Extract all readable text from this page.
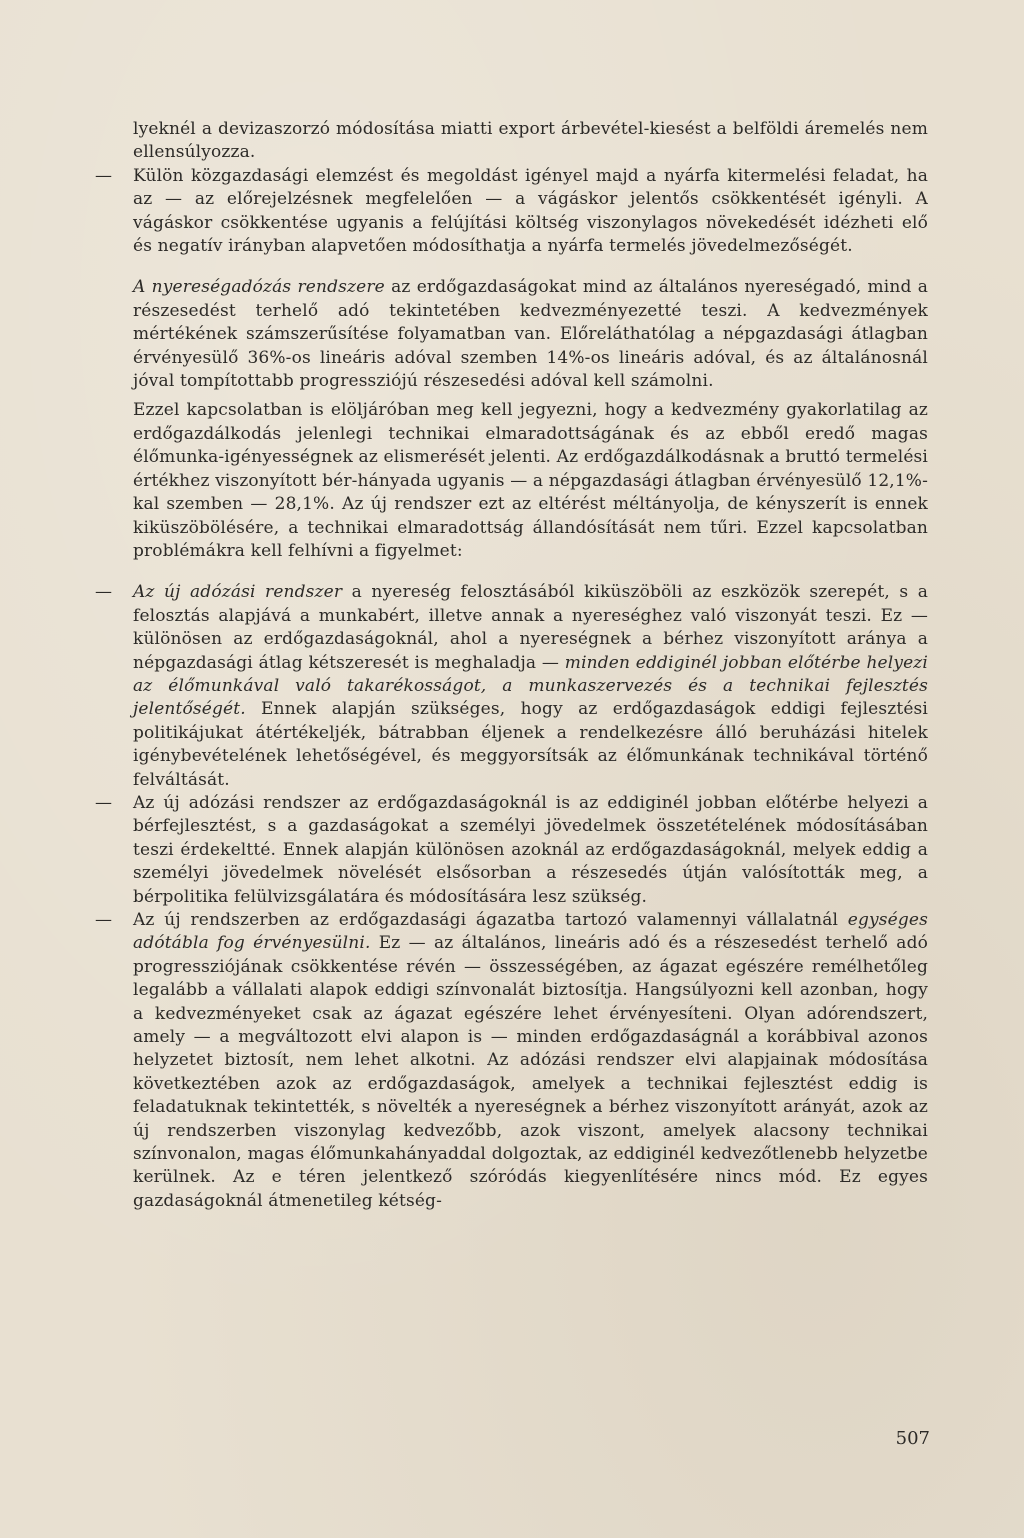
lyeknél a devizaszorzó módosítása miatti export árbevétel-kiesést a belföldi áremelés nem ellensúlyozza.

— Külön közgazdasági elemzést és megoldást igényel majd a nyárfa kitermelési feladat, ha az — az előrejelzésnek megfelelően — a vágáskor jelentős csökkentését igényli. A vágáskor csökkentése ugyanis a felújítási költség viszonylagos növekedését idézheti elő és negatív irányban alapvetően módosíthatja a nyárfa termelés jövedelmezőségét.

A nyereségadózás rendszere az erdőgazdaságokat mind az általános nyereségadó, mind a részesedést terhelő adó tekintetében kedvezményezetté teszi. A kedvezmények mértékének számszerűsítése folyamatban van. Előreláthatólag a népgazdasági átlagban érvényesülő 36%-os lineáris adóval szemben 14%-os lineáris adóval, és az általánosnál jóval tompítottabb progressziójú részesedési adóval kell számolni.

Ezzel kapcsolatban is elöljáróban meg kell jegyezni, hogy a kedvezmény gyakorlatilag az erdőgazdálkodás jelenlegi technikai elmaradottságának és az ebből eredő magas élőmunka-igényességnek az elismerését jelenti. Az erdőgazdálkodásnak a bruttó termelési értékhez viszonyított bér-hányada ugyanis — a népgazdasági átlagban érvényesülő 12,1%-kal szemben — 28,1%. Az új rendszer ezt az eltérést méltányolja, de kényszerít is ennek kiküszöbölésére, a technikai elmaradottság állandósítását nem tűri. Ezzel kapcsolatban problémákra kell felhívni a figyelmet:

— Az új adózási rendszer a nyereség felosztásából kiküszöböli az eszközök szerepét, s a felosztás alapjává a munkabért, illetve annak a nyereséghez való viszonyát teszi. Ez — különösen az erdőgazdaságoknál, ahol a nyereségnek a bérhez viszonyított aránya a népgazdasági átlag kétszeresét is meghaladja — minden eddiginél jobban előtérbe helyezi az élőmunkával való takarékosságot, a munkaszervezés és a technikai fejlesztés jelentőségét. Ennek alapján szükséges, hogy az erdőgazdaságok eddigi fejlesztési politikájukat átértékeljék, bátrabban éljenek a rendelkezésre álló beruházási hitelek igénybevételének lehetőségével, és meggyorsítsák az élőmunkának technikával történő felváltását.

— Az új adózási rendszer az erdőgazdaságoknál is az eddiginél jobban előtérbe helyezi a bérfejlesztést, s a gazdaságokat a személyi jövedelmek összetételének módosításában teszi érdekeltté. Ennek alapján különösen azoknál az erdőgazdaságoknál, melyek eddig a személyi jövedelmek növelését elsősorban a részesedés útján valósították meg, a bérpolitika felülvizsgálatára és módosítására lesz szükség.

— Az új rendszerben az erdőgazdasági ágazatba tartozó valamennyi vállalatnál egységes adótábla fog érvényesülni. Ez — az általános, lineáris adó és a részesedést terhelő adó progressziójának csökkentése révén — összességében, az ágazat egészére remélhetőleg legalább a vállalati alapok eddigi színvonalát biztosítja. Hangsúlyozni kell azonban, hogy a kedvezményeket csak az ágazat egészére lehet érvényesíteni. Olyan adórendszert, amely — a megváltozott elvi alapon is — minden erdőgazdaságnál a korábbival azonos helyzetet biztosít, nem lehet alkotni. Az adózási rendszer elvi alapjainak módosítása következtében azok az erdőgazdaságok, amelyek a technikai fejlesztést eddig is feladatuknak tekintették, s növelték a nyereségnek a bérhez viszonyított arányát, azok az új rendszerben viszonylag kedvezőbb, azok viszont, amelyek alacsony technikai színvonalon, magas élőmunkahányaddal dolgoztak, az eddiginél kedvezőtlenebb helyzetbe kerülnek. Az e téren jelentkező szóródás kiegyenlítésére nincs mód. Ez egyes gazdaságoknál átmenetileg kétség-

507
